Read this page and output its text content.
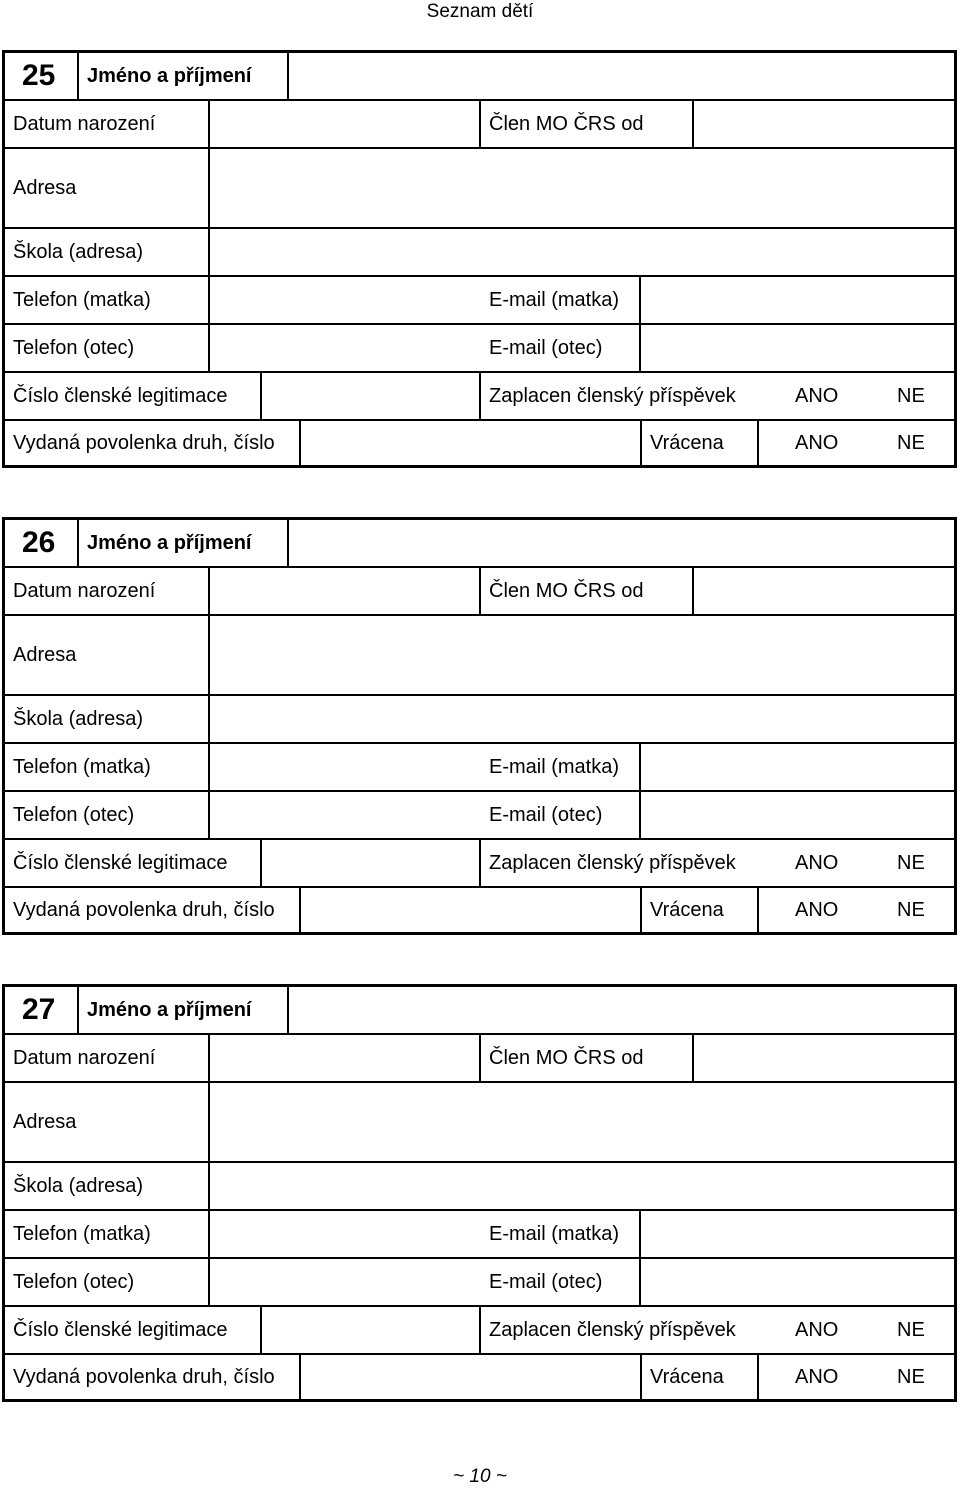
Seznam dětí
25	Jméno a příjmení
Datum narození	Člen MO ČRS od
Adresa
Škola (adresa)
Telefon (matka)	E-mail (matka)
Telefon (otec)	E-mail (otec)
Číslo členské legitimace	Zaplacen členský příspěvek	ANO	NE
Vydaná povolenka druh, číslo	Vrácena	ANO	NE
26	Jméno a příjmení
Datum narození	Člen MO ČRS od
Adresa
Škola (adresa)
Telefon (matka)	E-mail (matka)
Telefon (otec)	E-mail (otec)
Číslo členské legitimace	Zaplacen členský příspěvek	ANO	NE
Vydaná povolenka druh, číslo	Vrácena	ANO	NE
27	Jméno a příjmení
Datum narození	Člen MO ČRS od
Adresa
Škola (adresa)
Telefon (matka)	E-mail (matka)
Telefon (otec)	E-mail (otec)
Číslo členské legitimace	Zaplacen členský příspěvek	ANO	NE
Vydaná povolenka druh, číslo	Vrácena	ANO	NE
~ 10 ~
